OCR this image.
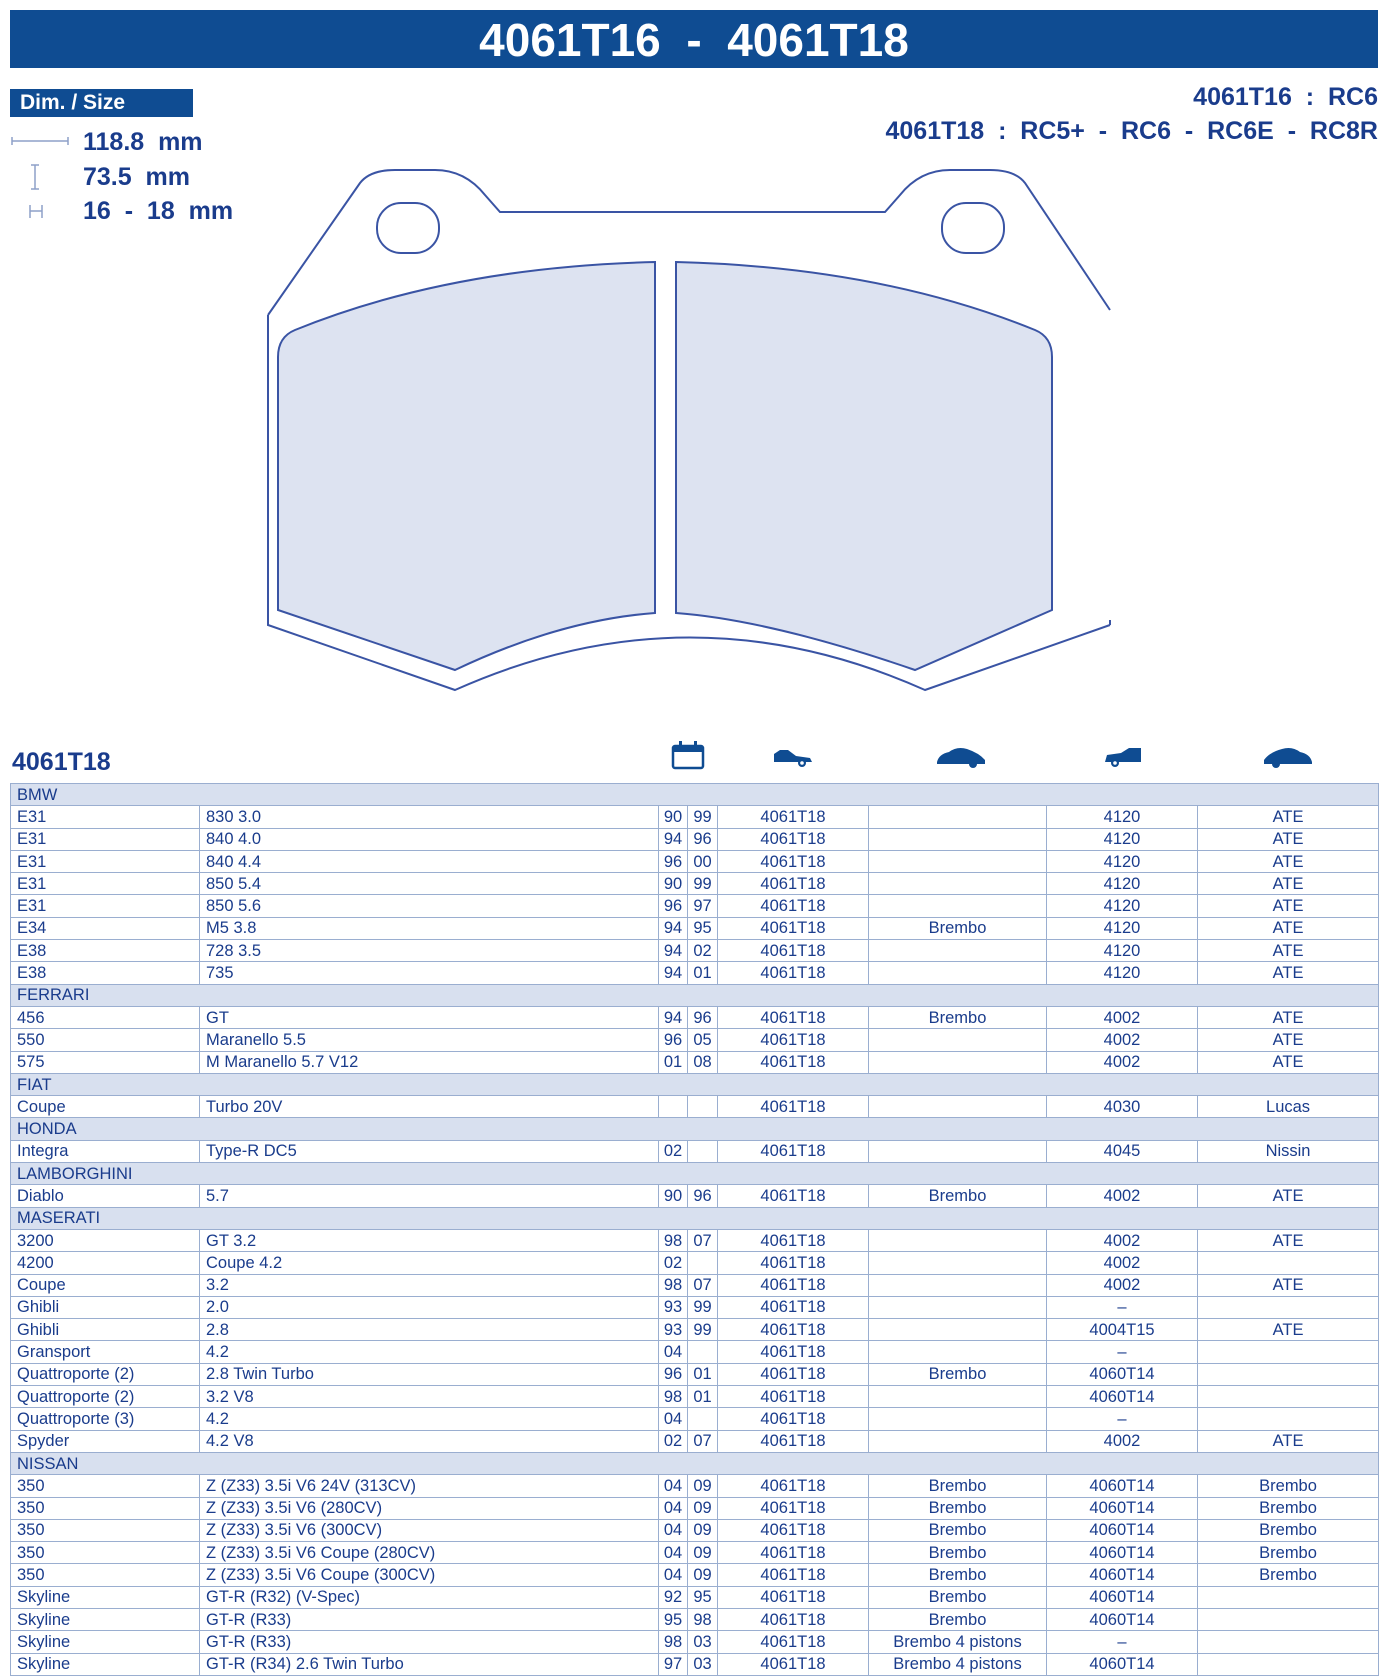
4061T16  -  4061T18
Dim. / Size
118.8  mm
73.5  mm
16  -  18  mm
4061T16  :  RC6
4061T18  :  RC5+  -  RC6  -  RC6E  -  RC8R
4061T18
BMW							
E31	830 3.0	90	99	4061T18		4120	ATE
E31	840 4.0	94	96	4061T18		4120	ATE
E31	840 4.4	96	00	4061T18		4120	ATE
E31	850 5.4	90	99	4061T18		4120	ATE
E31	850 5.6	96	97	4061T18		4120	ATE
E34	M5 3.8	94	95	4061T18	Brembo	4120	ATE
E38	728 3.5	94	02	4061T18		4120	ATE
E38	735	94	01	4061T18		4120	ATE
FERRARI							
456	GT	94	96	4061T18	Brembo	4002	ATE
550	Maranello 5.5	96	05	4061T18		4002	ATE
575	M Maranello 5.7 V12	01	08	4061T18		4002	ATE
FIAT							
Coupe	Turbo 20V			4061T18		4030	Lucas
HONDA							
Integra	Type-R DC5	02		4061T18		4045	Nissin
LAMBORGHINI							
Diablo	5.7	90	96	4061T18	Brembo	4002	ATE
MASERATI							
3200	GT 3.2	98	07	4061T18		4002	ATE
4200	Coupe 4.2	02		4061T18		4002	
Coupe	3.2	98	07	4061T18		4002	ATE
Ghibli	2.0	93	99	4061T18		–	
Ghibli	2.8	93	99	4061T18		4004T15	ATE
Gransport	4.2	04		4061T18		–	
Quattroporte (2)	2.8 Twin Turbo	96	01	4061T18	Brembo	4060T14	
Quattroporte (2)	3.2 V8	98	01	4061T18		4060T14	
Quattroporte (3)	4.2	04		4061T18		–	
Spyder	4.2 V8	02	07	4061T18		4002	ATE
NISSAN							
350	Z (Z33) 3.5i V6 24V (313CV)	04	09	4061T18	Brembo	4060T14	Brembo
350	Z (Z33) 3.5i V6 (280CV)	04	09	4061T18	Brembo	4060T14	Brembo
350	Z (Z33) 3.5i V6 (300CV)	04	09	4061T18	Brembo	4060T14	Brembo
350	Z (Z33) 3.5i V6 Coupe (280CV)	04	09	4061T18	Brembo	4060T14	Brembo
350	Z (Z33) 3.5i V6 Coupe (300CV)	04	09	4061T18	Brembo	4060T14	Brembo
Skyline	GT-R (R32) (V-Spec)	92	95	4061T18	Brembo	4060T14	
Skyline	GT-R (R33)	95	98	4061T18	Brembo	4060T14	
Skyline	GT-R (R33)	98	03	4061T18	Brembo 4 pistons	–	
Skyline	GT-R (R34) 2.6 Twin Turbo	97	03	4061T18	Brembo 4 pistons	4060T14	
